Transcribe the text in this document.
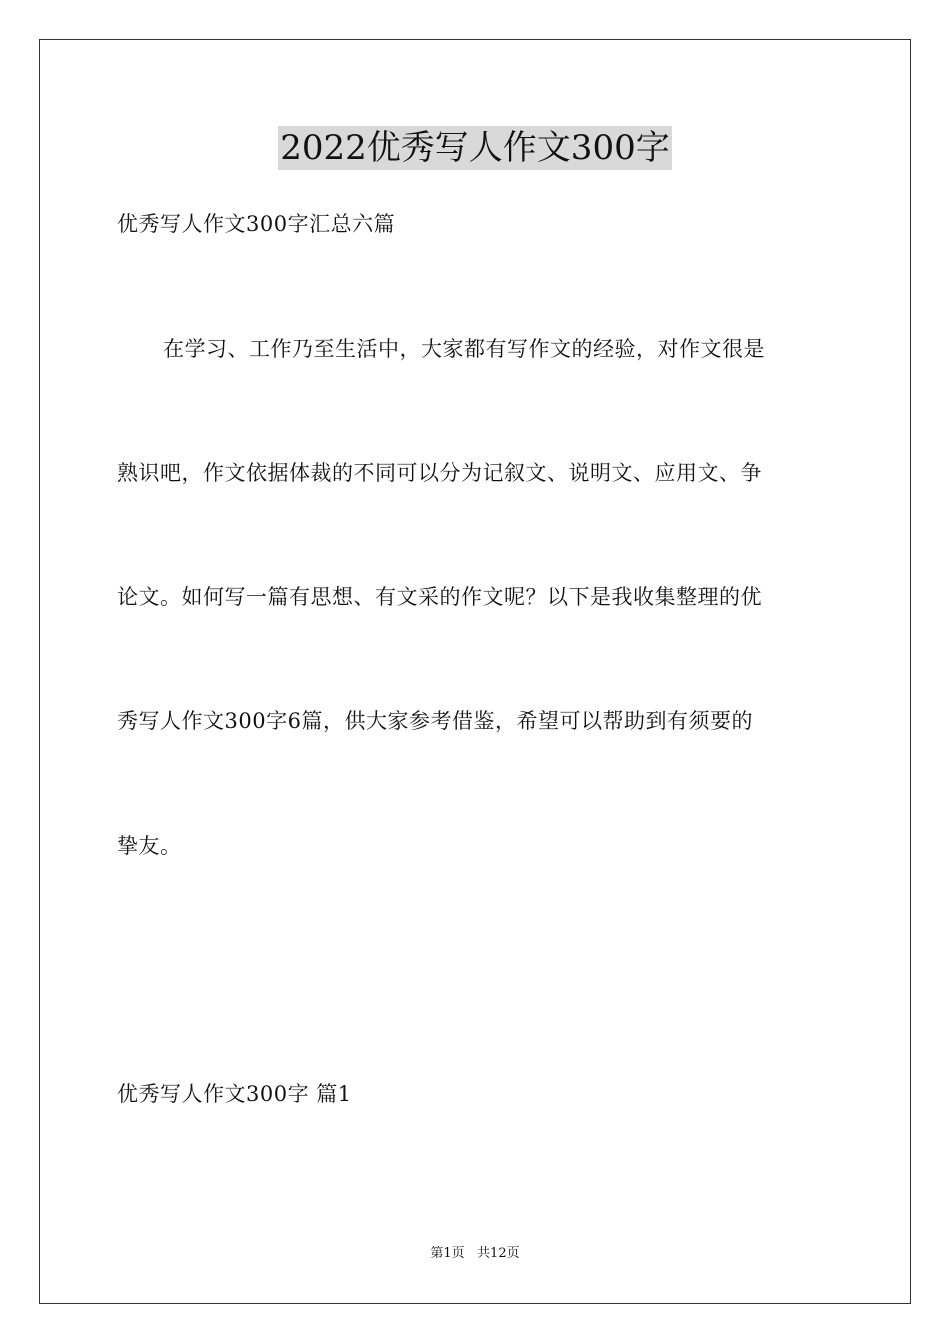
2022优秀写人作文300字
优秀写人作文300字汇总六篇
在学习、工作乃至生活中，大家都有写作文的经验，对作文很是
熟识吧，作文依据体裁的不同可以分为记叙文、说明文、应用文、争
论文。如何写一篇有思想、有文采的作文呢？以下是我收集整理的优
秀写人作文300字6篇，供大家参考借鉴，希望可以帮助到有须要的
挚友。
优秀写人作文300字 篇1
第1页   共12页
